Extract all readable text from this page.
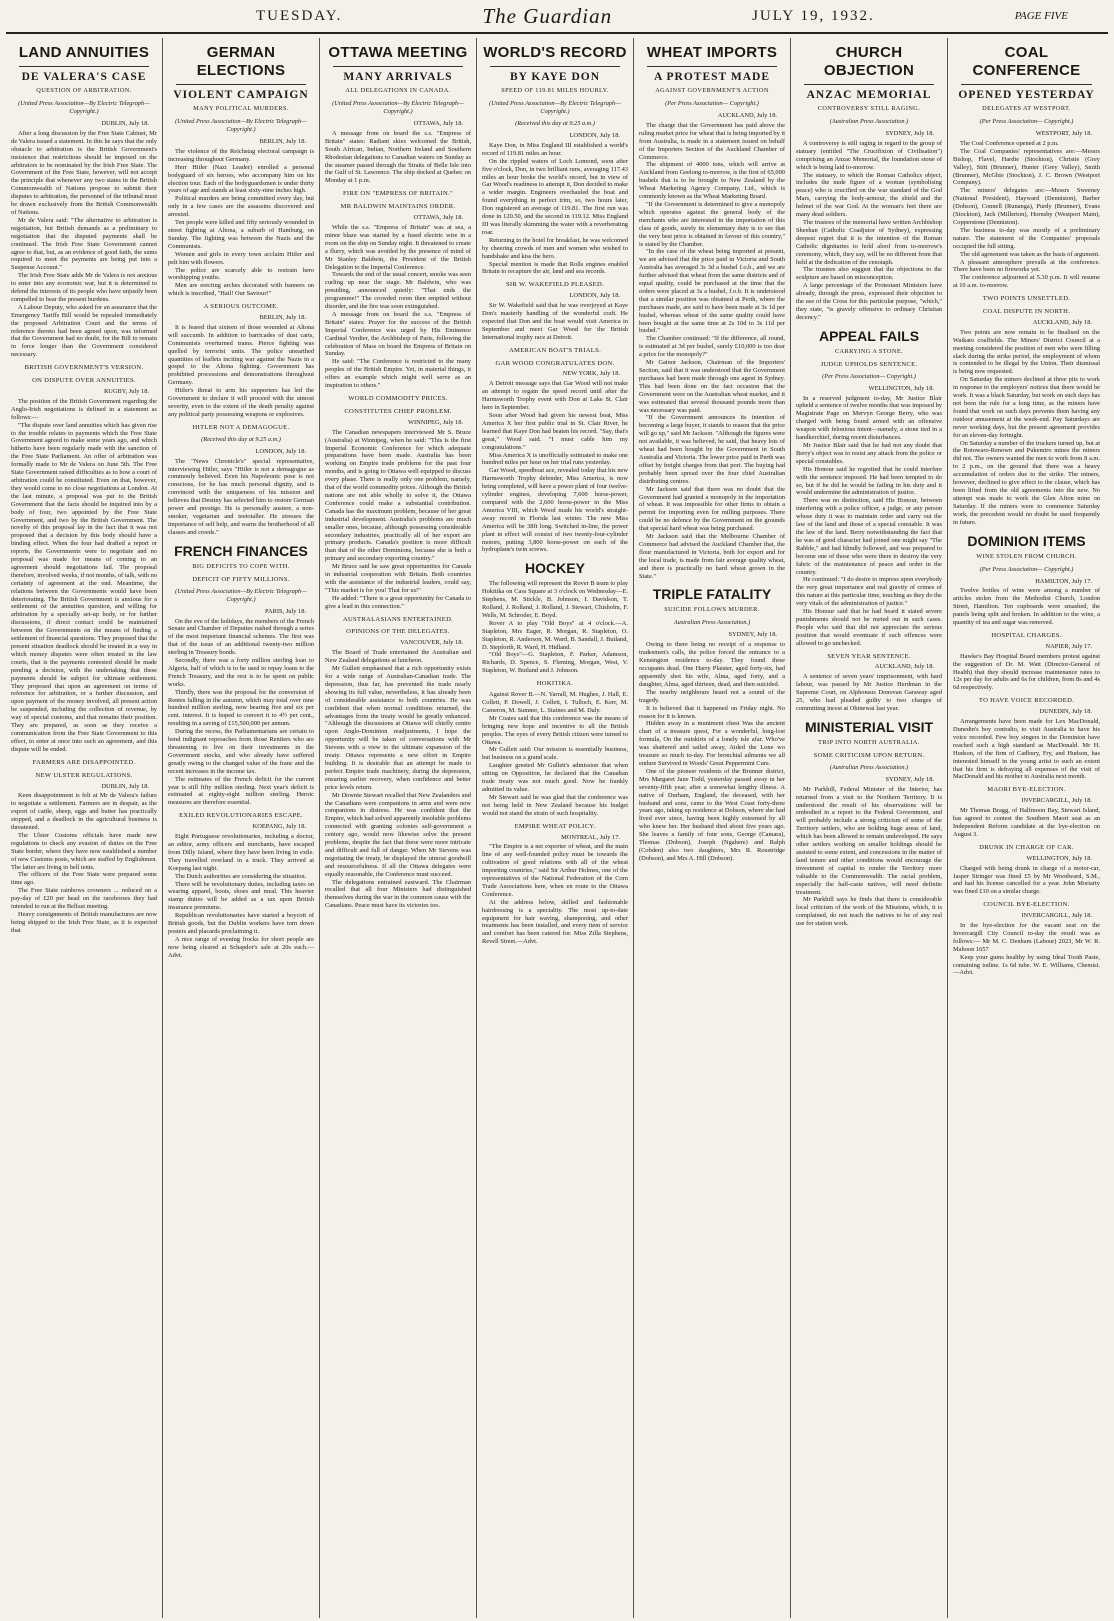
TUESDAY.	The Guardian	JULY 19, 1932.	PAGE FIVE
LAND ANNUITIES
DE VALERA'S CASE
QUESTION OF ARBITRATION.
(United Press Association—By Electric Telegraph—Copyright.)
DUBLIN, July 18.

After a long discussion by the Free State Cabinet, Mr de Valera issued a statement. In this he says that the only obstacle to arbitration is the British Government's insistence that restrictions should be imposed on the arbitrators to be nominated by the Irish Free State. The Government of the Free State, however, will not accept the principle that whenever any two states in the British Commonwealth of Nations propose to submit their disputes to arbitration, the personnel of the tribunal must be drawn exclusively from the British Commonwealth of Nations.

Mr de Valera said: "The alternative to arbitration is negotiation, but British demands as a preliminary to negotiation that the disputed payments shall be continued. The Irish Free State Government cannot agree to that, but, as an evidence of good faith, the sums required to meet the payments are being put into a Suspense Account."

The Irish Free State adds Mr de Valera is not anxious to enter into any economic war, but it is determined to defend the interests of its people who have unjustly been compelled to bear the present burdens.

A Labour Deputy, who asked for an assurance that the Emergency Tariffs Bill would be repealed immediately the proposed Arbitration Court and the terms of reference thereto had been agreed upon, was informed that the Government had no doubt, for the Bill to remain in force longer than the Government considered necessary.

BRITISH GOVERNMENT'S VERSION.
ON DISPUTE OVER ANNUITIES.
RUGBY, July 18.

The position of the British Government regarding the Anglo-Irish negotiations is defined in a statement as follows:—

"The dispute over land annuities which has given rise to the trouble relates to payments which the Free State Government agreed to make some years ago, and which hitherto have been regularly made with the sanction of the Free State Parliament. An offer of arbitration was formally made to Mr de Valera on June 5th. The Free State Government raised difficulties as to how a court of arbitration could be constituted. Even on that, however, they would come to no close negotiations at London. At the last minute, a proposal was put to the British Government that the facts should be inquired into by a body of four, two appointed by the Free State Government, and two by the British Government. The novelty of this proposal lay in the fact that it was not proposed that a decision by this body should have a binding effect. When the four had drafted a report or reports, the Governments were to negotiate and no proposal was made for means of coming to an agreement should negotiations fail. The proposal therefore, involved weeks, if not months, of talk, with no certainty of agreement at the end. Meantime, the relations between the Governments would have been deteriorating. The British Government is anxious for a settlement of the annuities question, and willing for arbitration by a specially set-up body, or for further discussions, if direct contact could be maintained between the Governments on the means of finding a settlement of financial questions. They proposed that the present situation deadlock should be treated in a way in which money disputes were often treated in the law courts, that is the payments contested should be made pending a decision, with the undertaking that these payments should be subject for ultimate settlement. They proposed that upon an agreement on terms of reference for arbitration, or a further discussion, and upon payment of the money involved, all present action be suspended, including the collection of revenue, by way of special customs, and that remains their position. They are prepared, as soon as they receive a communication from the Free State Government to this effect, to enter at once into such an agreement, and this dispute will be ended.

FARMERS ARE DISAPPOINTED.
NEW ULSTER REGULATIONS.
DUBLIN, July 18.

Keen disappointment is felt at Mr de Valera's failure to negotiate a settlement. Farmers are in despair, as the export of cattle, sheep, eggs and butter has practically stopped, and a deadlock in the agricultural business is threatened.

The Ulster Customs officials have made new regulations to check any evasion of duties on the Free State border, where they have now established a number of new Customs posts, which are staffed by Englishmen. The latter are living in bell tents.

The officers of the Free State were prepared some time ago.

The Free State rainbows crowners ... reduced on a pay-day of £20 per head on the racehorses they had intended to run at the Belfast meeting.

Heavy consignments of British manufactures are now being shipped to the Irish Free State, as it is expected that

GERMAN ELECTIONS
VIOLENT CAMPAIGN
MANY POLITICAL MURDERS.
(United Press Association—By Electric Telegraph—Copyright.)
BERLIN, July 18.

The violence of the Reichstag electoral campaign is increasing throughout Germany.

Herr Hitler (Nazi Leader) enrolled a personal bodyguard of six heroes, who accompany him on his election tour. Each of the bodyguardsmen is under thirty years of age and stands at least sixty-nine inches high.

Political murders are being committed every day, but only in a few cases are the assassins discovered and arrested.

Ten people were killed and fifty seriously wounded in street fighting at Altona, a suburb of Hamburg, on Sunday. The fighting was between the Nazis and the Communists.

Women and girls in every town acclaim Hitler and pelt him with flowers.

The police are scarcely able to restrain hero worshipping youths.

Men are erecting arches decorated with banners on which is inscribed, "Hail! Our Saviour!"

A SERIOUS OUTCOME.
BERLIN, July 18.

It is feared that sixteen of those wounded at Altona will succumb. In addition to barricades of dust carts, Communists overturned trams. Pierce fighting was quelled by terrorist units. The police unearthed quantities of leaflets inciting war against the Nazis in a gospel to the Altona fighting. Government has prohibited processions and demonstrations throughout Germany.

Hitler's threat to arm his supporters has led the Government to declare it will proceed with the utmost severity, even to the extent of the death penalty against any political party possessing weapons or explosives.

HITLER NOT A DEMAGOGUE.
(Received this day at 9.25 a.m.)
LONDON, July 18.

The "News Chronicle's" special representative, interviewing Hitler, says "Hitler is not a demagogue as commonly believed. Even his Napoleonic pose is not conscious, for he has much personal dignity, and is convinced with the uniqueness of his mission and believes that Destiny has selected him to restore German power and prestige. He is personally austere, a non-smoker, vegetarian and teetotaller. He stresses the importance of self help, and warns the brotherhood of all classes and creeds."

FRENCH FINANCES
BIG DEFICITS TO COPE WITH.
DEFICIT OF FIFTY MILLIONS.
(United Press Association—By Electric Telegraph—Copyright.)
PARIS, July 18.

On the eve of the holidays, the members of the French Senate and Chamber of Deputies rushed through a series of the most important financial schemes. The first was that of the issue of an additional twenty-two million sterling in Treasury bonds.

Secondly, there was a forty million sterling loan to Algeria, half of which is to be used to repay loans to the French Treasury, and the rest is to be spent on public works.

Thirdly, there was the proposal for the conversion of Rentes falling in the autumn, which may total over nine hundred million sterling, now bearing five and six per cent. interest. It is hoped to convert it to 4½ per cent., resulting in a saving of £15,500,000 per annum.

During the recess, the Parliamentarians are certain to bend indignant reproaches from those Rentiers who are threatening to live on their investments in the Government stocks, and who already have suffered greatly owing to the changed value of the franc and the recent increases in the income tax.

The estimates of the French deficit for the current year is still fifty million sterling. Next year's deficit is estimated at eighty-eight million sterling. Heroic measures are therefore essential.

EXILED REVOLUTIONARIES ESCAPE.
KOEPANG, July 18.

Eight Portuguese revolutionaries, including a doctor, an editor, army officers and merchants, have escaped from Dilly Island, where they have been living in exile. They travelled overland in a truck. They arrived at Koepang last night.

The Dutch authorities are considering the situation.

There will be revolutionary duties, including taxes on wearing apparel, boots, shoes and meal. This heavier stamp duties will be added as a tax upon British insurance premiums.

Republican revolutionaries have started a boycott of British goods, but the Dublin workers have torn down posters and placards proclaiming it.

A nice range of evening frocks for short people are now being cleared at Schapdor's sale at 20s each.—Advt.

OTTAWA MEETING
MANY ARRIVALS
ALL DELEGATIONS IN CANADA.
(United Press Association—By Electric Telegraph—Copyright.)
OTTAWA, July 18.

A message from on board the s.s. "Empress of Britain" states: Radiant skies welcomed the British, South African, Indian, Northern Ireland and Southern Rhodesian delegations to Canadian waters on Sunday as the steamer passed through the Straits of Belle Isle into the Gulf of St. Lawrence. The ship docked at Quebec on Monday at 1 p.m.

FIRE ON "EMPRESS OF BRITAIN."
MR BALDWIN MAINTAINS ORDER.
OTTAWA, July 18.

While the s.s. "Empress of Britain" was at sea, a minor blaze was started by a fused electric wire in a room on the ship on Sunday night. It threatened to create a flurry, which was avoided by the presence of mind of Mr Stanley Baldwin, the President of the British Delegation to the Imperial Conference.

Towards the end of the usual concert, smoke was seen curling up near the stage. Mr Baldwin, who was presiding, announced quietly: "That ends the programme!" The crowded room then emptied without disorder, and the fire was soon extinguished.

A message from on board the s.s. "Empress of Britain" states: Prayer for the success of the British Imperial Conference was urged by His Eminence Cardinal Verdier, the Archbishop of Paris, following the celebration of Mass on board the Empress of Britain on Sunday.

He said: "The Conference is restricted to the many peoples of the British Empire. Yet, in material things, it offers an example which might well serve as an inspiration to others."

WORLD COMMODITY PRICES.
CONSTITUTES CHIEF PROBLEM.
WINNIPEG, July 18.

The Canadian newspapers interviewed Mr S. Bruce (Australia) at Winnipeg, when he said: "This is the first Imperial Economic Conference for which adequate preparations have been made. Australia has been working on Empire trade problems for the past four months, and is going to Ottawa well equipped to discuss every phase. There is really only one problem, namely, that of the world commodity prices. Although the British nations are not able wholly to solve it, the Ottawa Conference could make a substantial contribution. Canada has the maximum problem, because of her great industrial development. Australia's problems are much smaller ones, because, although possessing considerable secondary industries, practically all of her export are primary products. Canada's position is more difficult than that of the other Dominions, because she is both a primary and secondary exporting country."

Mr Bruce said he saw great opportunities for Canada in industrial cooperation with Britain. Both countries with the assistance of the industrial leaders, could say, "This market is for you! That for us!"

He added: "There is a great opportunity for Canada to give a lead in this connection."

AUSTRALASIANS ENTERTAINED.
OPINIONS OF THE DELEGATES.
VANCOUVER, July 18.

The Board of Trade entertained the Australian and New Zealand delegations at luncheon.

Mr Gullett emphasised that a rich opportunity exists for a wide range of Australian-Canadian trade. The depression, thus far, has prevented the trade nearly showing its full value, nevertheless, it has already been of considerable assistance to both countries. He was confident that when normal conditions returned, the advantages from the treaty would be greatly enhanced. "Although the discussions at Ottawa will chiefly centre upon Anglo-Dominion readjustments, I hope the opportunity will be taken of conversations with Mr Stevens with a view to the ultimate expansion of the treaty. Ottawa represents a new effort in Empire building. It is desirable that an attempt be made to perfect Empire trade machinery, during the depression, ensuring earlier recovery, when confidence and better price levels return.

Mr Downie Stewart recalled that New Zealanders and the Canadians were companions in arms and were now companions in distress. He was confident that the Empire, which had solved apparently insoluble problems connected with granting colonies self-government a century ago, would now likewise solve the present problems, despite the fact that these were more intricate and difficult and full of danger. When Mr Stevens was negotiating the treaty, he displayed the utmost goodwill and resourcefulness. If all the Ottawa delegates were equally reasonable, the Conference must succeed.

The delegations entrained eastward. The Chairman recalled that all four Ministers had distinguished themselves during the war in the common cause with the Canadians. Peace must have its victories too.

WORLD'S RECORD
BY KAYE DON
SPEED OF 119.81 MILES HOURLY.
(United Press Association—By Electric Telegraph—Copyright.)
(Received this day at 9.25 a.m.)
LONDON, July 18.

Kaye Don, in Miss England III established a world's record of 119.81 miles an hour.

On the rippled waters of Loch Lomond, soon after five o'clock, Don, in two brilliant runs, averaging 117.43 miles an hour broke the world's record, but in view of Gar Wood's readiness to attempt it, Don decided to make a wider margin. Engineers overhauled the boat and found everything in perfect trim, so, two hours later, Don registered an average of 119.81. The first run was done in 120.50, and the second in 119.12. Miss England III was literally skimming the water with a reverberating roar.

Returning to the hotel for breakfast, he was welcomed by cheering crowds of men and women who wished to handshake and kiss the hero.

Special mention is made that Rolls engines enabled Britain to recapture the air, land and sea records.

SIR W. WAKEFIELD PLEASED.
LONDON, July 18.

Sir W. Wakefield said that he was overjoyed at Kaye Don's masterly handling of the wonderful craft. He expected that Don and the boat would visit America in September and meet Gar Wood for the British International trophy race at Detroit.

AMERICAN BOAT'S TRIALS.
GAR WOOD CONGRATULATES DON.
NEW YORK, July 18.

A Detroit message says that Gar Wood will not make an attempt to regain the speed record until after the Harmsworth Trophy event with Don at Lake St. Clair here in September.

Soon after Wood had given his newest boat, Miss America X her first public trial in St. Clair River, he learned that Kaye Don had beaten his record. "Say, that's great," Wood said. "I must cable him my congratulations."

Miss America X is unofficially estimated to make one hundred miles per hour on her trial runs yesterday.

Gar Wood, speedboat ace, revealed today that his new Harmsworth Trophy defender, Miss America, is now being completed, will have a power plant of four twelve-cylinder engines, developing 7,600 horse-power, compared with the 2,600 horse-power in the Miss America VIII, which Wood made his world's straight-away record in Florida last winter. The new Miss America will be 38ft long. Switched in-line, the power plant in effect will consist of two twenty-four-cylinder motors, putting 3,800 horse-power on each of the hydroplane's twin screws.

HOCKEY

The following will represent the Rover B team to play Hokitika on Cass Square at 3 o'clock on Wednesday—E. Stephens, M. Stickle, B. Johnson, I. Davidson, T. Rolland, J. Rolland, J. Rolland, J. Stewart, Chisholm, F. Wells, M. Schroder, E. Boyd.

Rover A to play "Old Boys" at 4 o'clock.—A. Stapleton, Mrs Eager, R. Morgan, R. Stapleton, O. Stapleton, R. Anderson, M. Ward, B. Sandall, J. Butland, D. Stepforth, R. Ward, H. Hidland.

"Old Boys"—G. Stapleton, F. Parker, Adamson, Richards, D. Spence, S. Fleming, Morgan, West, V. Stapleton, W. Butland and J. Johnson.

HOKITIKA.

Against Rover B.—N. Yarrall, M. Hughes, J. Hall, E. Collett, P. Dowell, J. Collett, I. Tulloch, E. Kerr, M. Cameron, M. Sumner, L. Staines and M. Daly.

Mr Coates said that this conference was the means of bringing new hope and incentive to all the British peoples. The eyes of every British citizen were turned to Ottawa.

Mr Gullett said: Our mission is essentially business, but business on a grand scale.

Laughter greeted Mr Gullett's admission that when sitting on Opposition, he declared that the Canadian trade treaty was not much good. Now he frankly admitted its value.

Mr Stewart said he was glad that the conference was not being held in New Zealand because his budget would not stand the strain of such hospitality.

EMPIRE WHEAT POLICY.
MONTREAL, July 17.

"The Empire is a net exporter of wheat, and the main line of any well-founded policy must be towards the cultivation of good relations with all of the wheat importing countries," said Sir Arthur Holmes, one of the representatives of the National Federation of the Corn Trade Associations here, when en route to the Ottawa Conference.

At the address below, skilled and fashionable hairdressing is a speciality. The most up-to-date equipment for hair waving, shampooing, and other treatments has been installed, and every item of service and comfort has been catered for. Miss Zilla Stephens, Revell Street.—Advt.

WHEAT IMPORTS
A PROTEST MADE
AGAINST GOVERNMENT'S ACTION
(Per Press Association— Copyright.)
AUCKLAND, July 18.

The charge that the Government has paid above the ruling market price for wheat that is being imported by it from Australia, is made in a statement issued on behalf of the Importers Section of the Auckland Chamber of Commerce.

The shipment of 4000 tons, which will arrive at Auckland from Geelong to-morrow, is the first of 65,000 bushels that is to be brought to New Zealand by the Wheat Marketing Agency Company, Ltd., which is commonly known as the Wheat Marketing Board.

"If the Government is determined to give a monopoly which operates against the general body of the merchants who are interested in the importation of this class of goods, surely its elementary duty is to see that the very best price is obtained in favour of this country," is stated by the Chamber.

"In the case of the wheat being imported at present, we are advised that the price paid in Victoria and South Australia has averaged 3s 3d a bushel f.o.b., and we are further advised that wheat from the same districts and of equal quality, could be purchased at the time that the orders were placed at 3s a bushel, f.o.b. It is understood that a similar position was obtained at Perth, where the purchases made, are said to have been made at 3s 1d per bushel, whereas wheat of the same quality could have been bought at the same time at 2s 10d to 3s 11d per bushel."

The Chamber continued: "If the difference, all round, is estimated at 3d per bushel, surely £10,000 is too dear a price for the monopoly?"

Mr Gainor Jackson, Chairman of the Importers' Section, said that it was understood that the Government purchases had been made through one agent in Sydney. This had been done on the fact occasion that the Government were on the Australian wheat market, and it was estimated that several thousand pounds more than was necessary was paid.

"If the Government announces its intention of becoming a large buyer, it stands to reason that the price will go up," said Mr Jackson. "Although the figures were not available, it was believed, he said, that heavy lots of wheat had been bought by the Government in South Australia and Victoria. The lower price paid in Perth was offset by freight charges from that port. The buying had probably been spread over the four chief Australian distributing centres.

Mr Jackson said that there was no doubt that the Government had granted a monopoly in the importation of wheat. It was impossible for other firms to obtain a permit for importing even for milling purposes. There could be no defence by the Government on the grounds that special hard wheat was being purchased.

Mr Jackson said that the Melbourne Chamber of Commerce had advised the Auckland Chamber that, the flour manufactured in Victoria, both for export and for the local trade, is made from fair average quality wheat, and there is practically no hard wheat grown in the State."

TRIPLE FATALITY
SUICIDE FOLLOWS MURDER.
Australian Press Association.)
SYDNEY, July 18.

Owing to there being no receipt of a response to tradesmen's calls, the police forced the entrance to a Kensington residence to-day. They found three occupants dead. One Harry Plaister, aged forty-six, had apparently shot his wife, Alma, aged forty, and a daughter, Alma, aged thirteen, dead, and then suicided.

The nearby neighbours heard not a sound of the tragedy.

It is believed that it happened on Friday night. No reason for it is known.

Hidden away in a muniment chest Was the ancient chart of a treasure quest, For a wonderful, long-lost formula, On the outskirts of a lonely isle afar. Who've was shattered and sailed away, Aided the Lone wo treasure so much to-day. For bronchial ailments we all endure Survived in Woods' Great Peppermint Cure.

One of the pioneer residents of the Brunner district, Mrs Margaret Jane Todd, yesterday passed away in her seventy-fifth year, after a somewhat lengthy illness. A native of Durham, England, the deceased, with her husband and sons, came to the West Coast forty-three years ago, taking up residence at Dobson, where she had lived ever since, having been highly esteemed by all who knew her. Her husband died about five years ago. She leaves a family of four sons, George (Camara), Thomas (Dobson), Joseph (Ngahere) and Ralph (Cobden) also two daughters, Mrs R. Roustridge (Dobson), and Mrs A. Hill (Dobson).

CHURCH OBJECTION
ANZAC MEMORIAL
CONTROVERSY STILL RAGING.
(Australian Press Association.)
SYDNEY, July 18.

A controversy is still raging in regard to the group of statuary (entitled "The Crucifixion of Civilisation") comprising an Anzac Memorial, the foundation stone of which is being laid to-morrow.

The statuary, to which the Roman Catholics object, includes the nude figure of a woman (symbolising peace) who is crucified on the war standard of the God Mars, carrying the body-armour, the shield and the helmet of the war God. At the woman's feet there are many dead soldiers.

The trustees of the memorial have written Archbishop Sheehan (Catholic Coadjutor of Sydney), expressing deepest regret that it is the intention of the Roman Catholic dignitaries to hold aloof from to-morrow's ceremony, which, they say, will be no different from that held at the dedication of the cenotaph.

The trustees also suggest that the objections to the sculpture are based on misconception.

A large percentage of the Protestant Ministers have already, through the press, expressed their objection to the use of the Cross for this particular purpose, "which," they state, "is gravely offensive to ordinary Christian decency."

APPEAL FAILS
CARRYING A STONE.
JUDGE UPHOLDS SENTENCE.
(Per Press Association— Copyright.)
WELLINGTON, July 18.

In a reserved judgment to-day, Mr Justice Blair upheld a sentence of twelve months that was imposed by Magistrate Page on Mervyn George Berry, who was charged with being found armed with an offensive weapon with felonious intent—namely, a stone tied in a handkerchief, during recent disturbances.

Mr Justice Blair said that he had not any doubt that Berry's object was to resist any attack from the police or special constables.

His Honour said he regretted that he could interfere with the sentence imposed. He had been tempted to do so, but if he did he would be failing in his duty and it would undermine the administration of justice.

There was no distinction, said His Honour, between interfering with a police officer, a judge, or any person whose duty it was to maintain order and carry out the law of the land and those of a special constable. It was the law of the land. Berry notwithstanding the fact that he was of good character had joined one might say "The Rabble," and had blindly followed, and was prepared to become one of those who were there to destroy the very fabric of the maintenance of peace and order in the country.

He continued: "I do desire to impress upon everybody the very great importance and real gravity of crimes of this nature at this particular time, touching as they do the very vitals of the administration of justice."

His Honour said that he had heard it stated severe punishments should not be meted out in such cases. People who said that did not appreciate the serious position that would eventuate if such offences were allowed to go unchecked.

SEVEN YEAR SENTENCE.
AUCKLAND, July 18.

A sentence of seven years' imprisonment, with hard labour, was passed by Mr Justice Herdman in the Supreme Court, on Alphonsus Donovan Garaway aged 25, who had pleaded guilty to two charges of committing incest at Ohinewai last year.

MINISTERIAL VISIT
TRIP INTO NORTH AUSTRALIA.
SOME CRITICISM UPON RETURN.
(Australian Press Association.)
SYDNEY, July 18.

Mr Parkhill, Federal Minister of the Interior, has returned from a visit to the Northern Territory. It is understood the result of his observations will be embodied in a report to the Federal Government, and will probably include a strong criticism of some of the Territory settlers, who are holding huge areas of land, which has been allowed to remain undeveloped. He says other settlers working on smaller holdings should be assisted to some extent, and concessions in the matter of land tenure and other conditions would encourage the investment of capital to render the Territory more valuable to the Commonwealth. The racial problem, especially the half-caste natives, will need definite treatment.

Mr Parkhill says he finds that there is considerable local criticism of the work of the Missions, which, it is complained, do not teach the natives to be of any real use for station work.

COAL CONFERENCE
OPENED YESTERDAY
DELEGATES AT WESTPORT.
(Per Press Association— Copyright.)
WESTPORT, July 18.

The Coal Conference opened at 2 p.m.

The Coal Companies' representatives are:—Messrs Bishop, Flavel, Hardie (Stockton), Christie (Grey Valley), Stitt (Brunner), Hunter (Grey Valley), Smith (Brunner), McGhie (Stockton), J. C. Brown (Westport Company).

The miners' delegates are:—Messrs Sweeney (National President), Hayward (Denniston), Barber (Dobson), Connell (Runanga), Purdy (Brunner), Evans (Stockton), Jack (Millerton), Hornsby (Westport Main), Copperstone (Denniston).

The business to-day was mostly of a preliminary nature. The statement of the Companies' proposals occupied the full sitting.

The old agreement was taken as the basis of argument.

A pleasant atmosphere prevails at the conference. There have been no fireworks yet.

The conference adjourned at 5.30 p.m. It will resume at 10 a.m. to-morrow.

TWO POINTS UNSETTLED.
COAL DISPUTE IN NORTH.
AUCKLAND, July 18.

Two points are now remain to be finalised on the Waikato coalfields. The Miners' District Council at a meeting considered the position of men who were filling slack during the strike period, the employment of whom is contended to be illegal by the Union. Their dismissal is being now requested.

On Saturday the miners declined at three pits to work in response to the employers' notices that there would be work. It was a black Saturday, but work on such days has not been the rule for a long time, as the miners have found that work on such days prevents them having any outdoor amusement at the week-end. Pay Saturdays are never working days, but the present agreement provides for an eleven-day fortnight.

On Saturday a number of the truckers turned up, but at the Rotowaro-Renown and Pukemiro mines the miners did not. The owners wanted the men to work from 8 a.m. to 2 p.m., on the ground that there was a heavy accumulation of orders due to the strike. The miners, however, declined to give effect to the clause, which has been lifted from the old agreements into the new. No attempt was made to work the Glen Afton mine on Saturday. If the miners were to commence Saturday work, the precedent would no doubt be used frequently in future.

DOMINION ITEMS
WINE STOLEN FROM CHURCH.
(Per Press Association— Copyright.)
HAMILTON, July 17.

Twelve bottles of wine were among a number of articles stolen from the Methodist Church, London Street, Hamilton. Ten cupboards were smashed, the panels being split and broken. In addition to the wine, a quantity of tea and sugar was removed.

HOSPITAL CHARGES.
NAPIER, July 17.

Hawke's Bay Hospital Board members protest against the suggestion of Dr. M. Watt (Director-General of Health) that they should increase maintenance rates to 12s per day for adults and 6s for children, from 8s and 4s 6d respectively.

TO HAVE VOICE RECORDED.
DUNEDIN, July 18.

Arrangements have been made for Lex MacDonald, Dunedin's boy contralto, to visit Australia to have his voice recorded. Few boy singers in the Dominion have reached such a high standard as MacDonald. Mr H. Hudson, of the firm of Cadbury, Fry, and Hudson, has interested himself in the young artist to such an extent that his firm is defraying all expenses of the visit of MacDonald and his mother to Australia next month.

MAORI BYE-ELECTION.
INVERCARGILL, July 18.

Mr Thomas Bragg, of Halfmoon Bay, Stewart Island, has agreed to contest the Southern Maori seat as an Independent Reform candidate at the bye-election on August 3.

DRUNK IN CHARGE OF CAR.
WELLINGTON, July 18.

Charged with being drunk in charge of a motor-car, Jasper Stringer was fined £5 by Mr Woodward, S.M., and had his license cancelled for a year. John Moriarty was fined £10 on a similar charge.

COUNCIL BYE-ELECTION.
INVERCARGILL, July 18.

In the bye-election for the vacant seat on the Invercargill City Council to-day the result was as follows:— Mr M. C. Denham (Labour) 2023, Mr W. R. Mahoon 1657

Keep your gums healthy by using Ideal Tooth Paste, containing iodine. 1s 6d tube. W. E. Williams, Chemist.—Advt.
